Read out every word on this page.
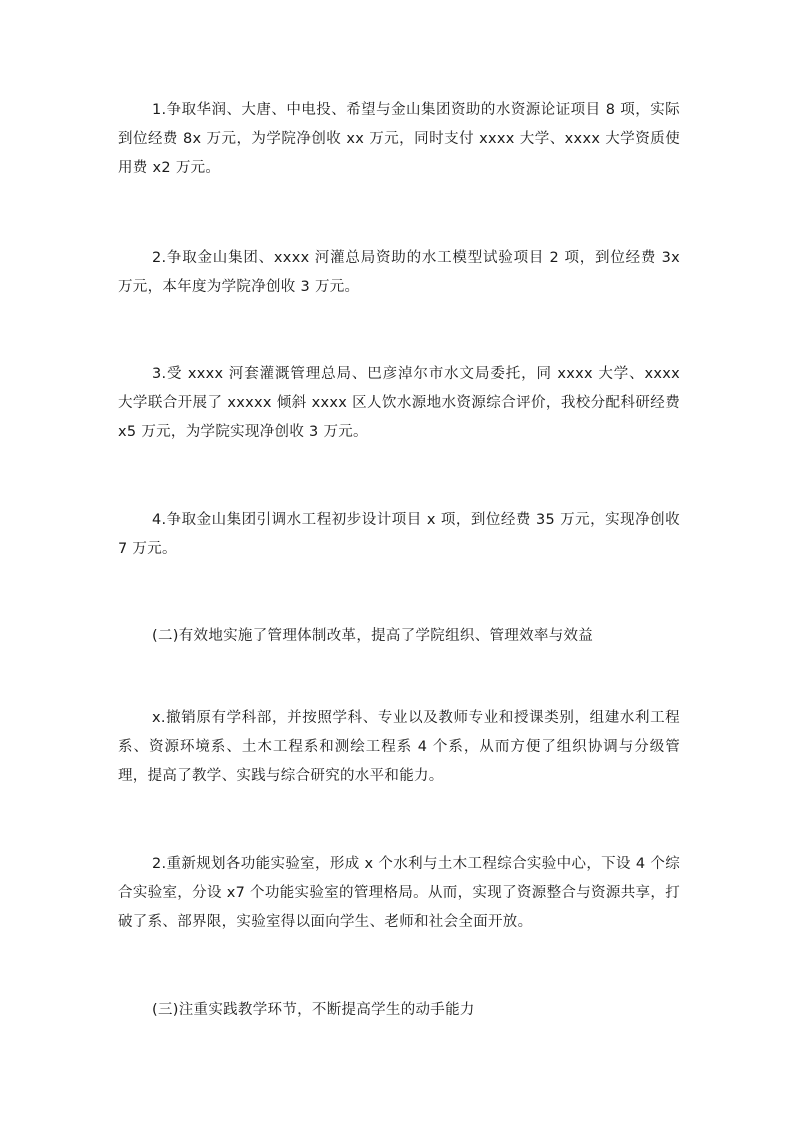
1.争取华润、大唐、中电投、希望与金山集团资助的水资源论证项目 8 项，实际到位经费 8x 万元，为学院净创收 xx 万元，同时支付 xxxx 大学、xxxx 大学资质使用费 x2 万元。

2.争取金山集团、xxxx 河灌总局资助的水工模型试验项目 2 项，到位经费 3x 万元，本年度为学院净创收 3 万元。

3.受 xxxx 河套灌溉管理总局、巴彦淖尔市水文局委托，同 xxxx 大学、xxxx 大学联合开展了 xxxxx 倾斜 xxxx 区人饮水源地水资源综合评价，我校分配科研经费 x5 万元，为学院实现净创收 3 万元。

4.争取金山集团引调水工程初步设计项目 x 项，到位经费 35 万元，实现净创收 7 万元。

(二)有效地实施了管理体制改革，提高了学院组织、管理效率与效益

x.撤销原有学科部，并按照学科、专业以及教师专业和授课类别，组建水利工程系、资源环境系、土木工程系和测绘工程系 4 个系，从而方便了组织协调与分级管理，提高了教学、实践与综合研究的水平和能力。

2.重新规划各功能实验室，形成 x 个水利与土木工程综合实验中心，下设 4 个综合实验室，分设 x7 个功能实验室的管理格局。从而，实现了资源整合与资源共享，打破了系、部界限，实验室得以面向学生、老师和社会全面开放。

(三)注重实践教学环节，不断提高学生的动手能力
